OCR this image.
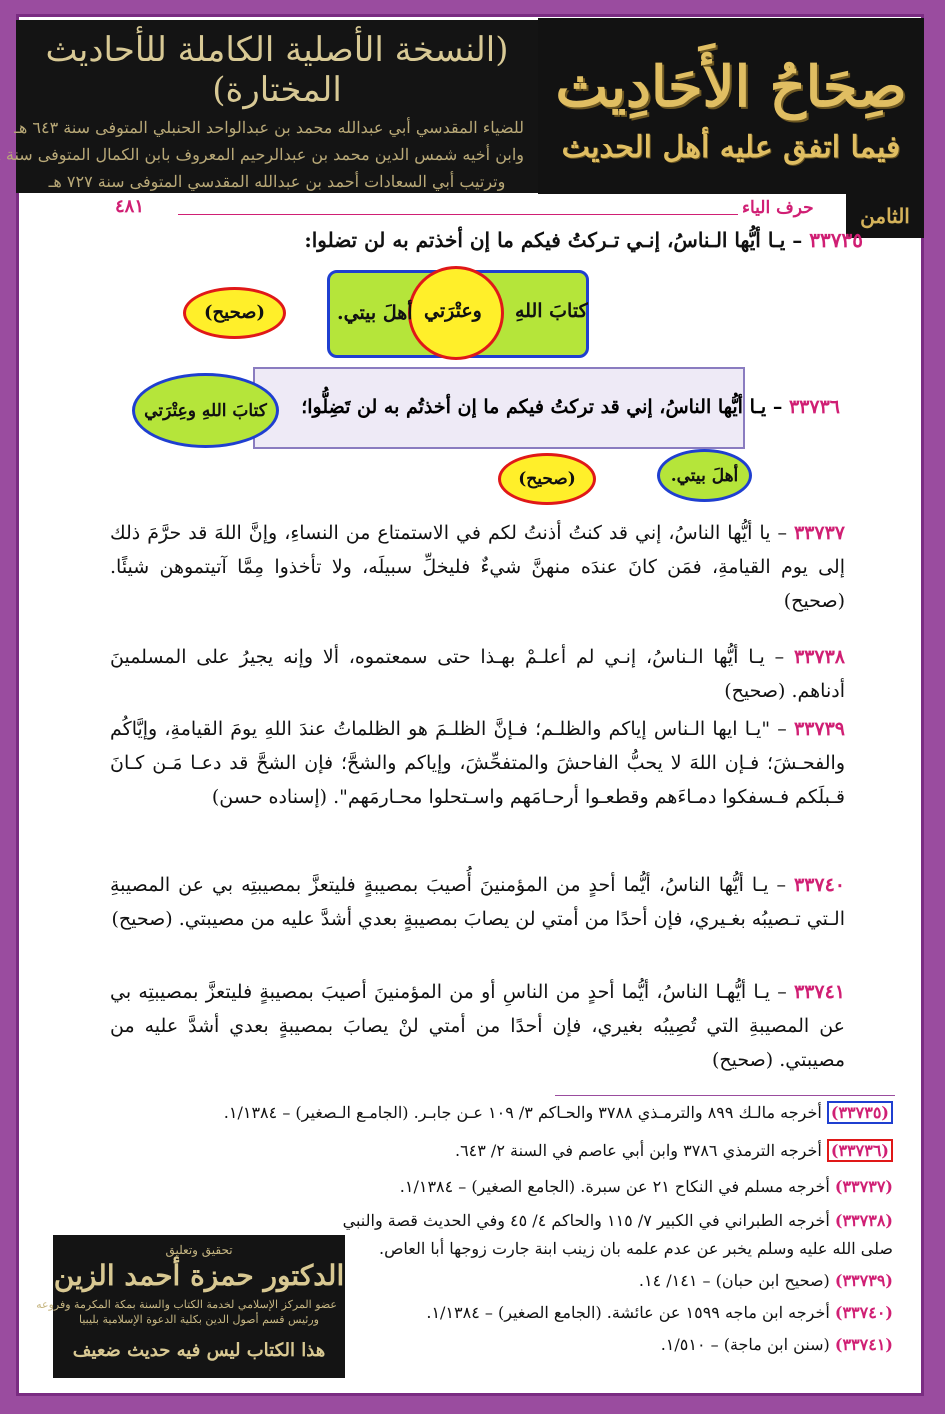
(النسخة الأصلية الكاملة للأحاديث المختارة)
للضياء المقدسي أبي عبدالله محمد بن عبدالواحد الحنبلي المتوفى سنة ٦٤٣ هـ
وابن أخيه شمس الدين محمد بن عبدالرحيم المعروف بابن الكمال المتوفى سنة
وترتيب أبي السعادات أحمد بن عبدالله المقدسي المتوفى سنة ٧٢٧ هـ
صِحَاحُ الأَحَادِيث
فيما اتفق عليه أهل الحديث
الثامن
٤٨١	حرف الياء
٣٣٧٣٥ – يـا أيُّها الـناسُ، إنـي تـركتُ فيكم ما إن أخذتم به لن تضلوا:
كتابَ اللهِ
وعتْرَتي
أهلَ بيتي.
(صحيح)
٣٣٧٣٦ – يـا أيُّها الناسُ، إني قد تركتُ فيكم ما إن أخذتُم به لن تَضِلُّوا؛
كتابَ اللهِ وعِتْرَتي
أهلَ بيتي.
(صحيح)
٣٣٧٣٧ – يا أيُّها الناسُ، إني قد كنتُ أذنتُ لكم في الاستمتاع من النساءِ، وإنَّ اللهَ قد حرَّمَ ذلك إلى يوم القيامةِ، فمَن كانَ عندَه منهنَّ شيءٌ فليخلِّ سبيلَه، ولا تأخذوا مِمَّا آتيتموهن شيئًا. (صحيح)
٣٣٧٣٨ – يـا أيُّها الـناسُ، إنـي لم أعلـمْ بهـذا حتى سمعتموه، ألا وإنه يجيرُ على المسلمينَ أدناهم. (صحيح)
٣٣٧٣٩ – "يـا ايها الـناس إياكم والظلـم؛ فـإنَّ الظلـمَ هو الظلماتُ عندَ اللهِ يومَ القيامةِ، وإيَّاكُم والفحـشَ؛ فـإن اللهَ لا يحبُّ الفاحشَ والمتفحِّشَ، وإياكم والشحَّ؛ فإن الشحَّ قد دعـا مَـن كـانَ قـبلَكم فـسفكوا دمـاءَهم وقطعـوا أرحـامَهم واسـتحلوا محـارمَهم". (إسناده حسن)
٣٣٧٤٠ – يـا أيُّها الناسُ، أيُّما أحدٍ من المؤمنينَ أُصيبَ بمصيبةٍ فليتعزَّ بمصيبتِه بي عن المصيبةِ الـتي تـصيبُه بغـيري، فإن أحدًا من أمتي لن يصابَ بمصيبةٍ بعدي أشدَّ عليه من مصيبتي. (صحيح)
٣٣٧٤١ – يـا أيُّهـا الناسُ، أيُّما أحدٍ من الناسِ أو من المؤمنينَ أصيبَ بمصيبةٍ فليتعزَّ بمصيبتِه بي عن المصيبةِ التي تُصِيبُه بغيري، فإن أحدًا من أمتي لنْ يصابَ بمصيبةٍ بعدي أشدَّ عليه من مصيبتي. (صحيح)
(٣٣٧٣٥) أخرجه مالـك ٨٩٩ والترمـذي ٣٧٨٨ والحـاكم ٣/ ١٠٩ عـن جابـر. (الجامـع الـصغير) – ١/١٣٨٤.
(٣٣٧٣٦) أخرجه الترمذي ٣٧٨٦ وابن أبي عاصم في السنة ٢/ ٦٤٣.
(٣٣٧٣٧) أخرجه مسلم في النكاح ٢١ عن سبرة. (الجامع الصغير) – ١/١٣٨٤.
(٣٣٧٣٨) أخرجه الطبراني في الكبير ٧/ ١١٥ والحاكم ٤/ ٤٥ وفي الحديث قصة والنبي
صلى الله عليه وسلم يخبر عن عدم علمه بان زينب ابنة جارت زوجها أبا العاص.
(٣٣٧٣٩) (صحيح ابن حبان) – ١٤١/ ١٤.
(٣٣٧٤٠) أخرجه ابن ماجه ١٥٩٩ عن عائشة. (الجامع الصغير) – ١/١٣٨٤.
(٣٣٧٤١) (سنن ابن ماجة) – ١/٥١٠.
تحقيق وتعليق
الدكتور حمزة أحمد الزين
عضو المركز الإسلامي لخدمة الكتاب والسنة بمكة المكرمة وفروعه
ورئيس قسم أصول الدين بكلية الدعوة الإسلامية بليبيا
هذا الكتاب ليس فيه حديث ضعيف
